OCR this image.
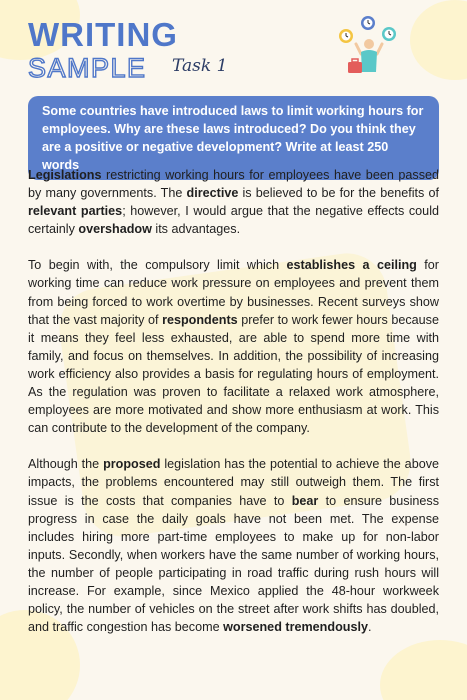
WRITING
SAMPLE Task 1
Some countries have introduced laws to limit working hours for employees. Why are these laws introduced? Do you think they are a positive or negative development? Write at least 250 words

Legislations restricting working hours for employees have been passed by many governments. The directive is believed to be for the benefits of relevant parties; however, I would argue that the negative effects could certainly overshadow its advantages.

To begin with, the compulsory limit which establishes a ceiling for working time can reduce work pressure on employees and prevent them from being forced to work overtime by businesses. Recent surveys show that the vast majority of respondents prefer to work fewer hours because it means they feel less exhausted, are able to spend more time with family, and focus on themselves. In addition, the possibility of increasing work efficiency also provides a basis for regulating hours of employment. As the regulation was proven to facilitate a relaxed work atmosphere, employees are more motivated and show more enthusiasm at work. This can contribute to the development of the company.

Although the proposed legislation has the potential to achieve the above impacts, the problems encountered may still outweigh them. The first issue is the costs that companies have to bear to ensure business progress in case the daily goals have not been met. The expense includes hiring more part-time employees to make up for non-labor inputs. Secondly, when workers have the same number of working hours, the number of people participating in road traffic during rush hours will increase. For example, since Mexico applied the 48-hour workweek policy, the number of vehicles on the street after work shifts has doubled, and traffic congestion has become worsened tremendously.
